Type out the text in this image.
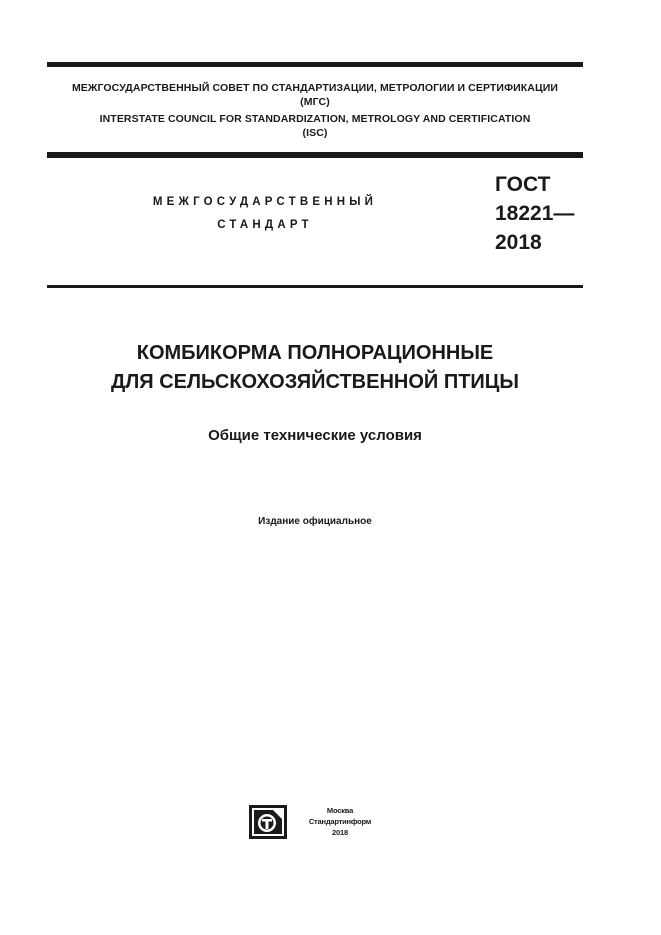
МЕЖГОСУДАРСТВЕННЫЙ СОВЕТ ПО СТАНДАРТИЗАЦИИ, МЕТРОЛОГИИ И СЕРТИФИКАЦИИ
(МГС)
INTERSTATE COUNCIL FOR STANDARDIZATION, METROLOGY AND CERTIFICATION
(ISC)
МЕЖГОСУДАРСТВЕННЫЙ
СТАНДАРТ
ГОСТ
18221—
2018
КОМБИКОРМА ПОЛНОРАЦИОННЫЕ
ДЛЯ СЕЛЬСКОХОЗЯЙСТВЕННОЙ ПТИЦЫ
Общие технические условия
Издание официальное
Москва
Стандартинформ
2018
